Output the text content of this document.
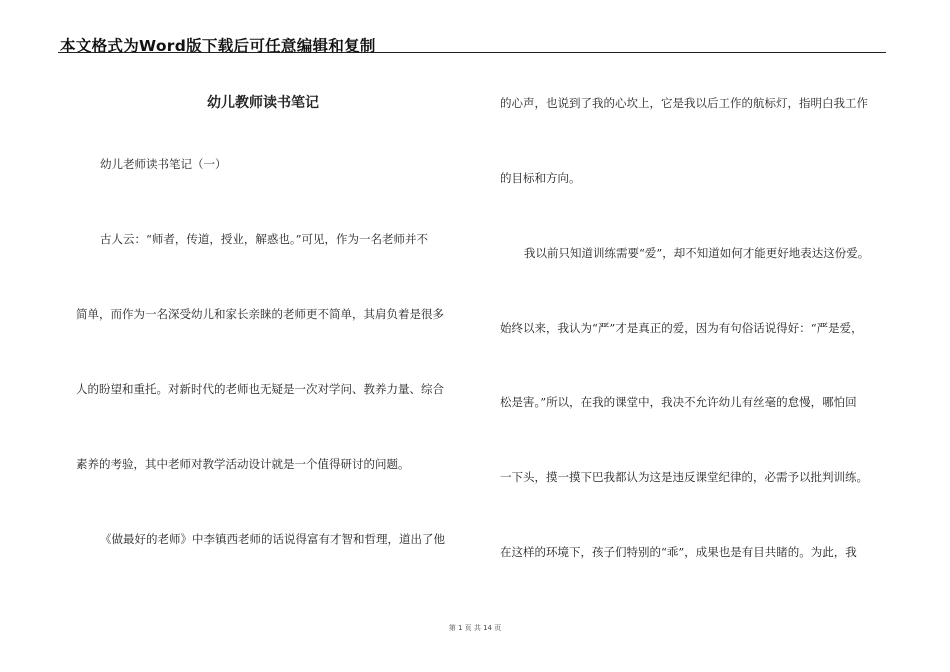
本文格式为Word版下载后可任意编辑和复制
幼儿教师读书笔记
幼儿老师读书笔记（一）
古人云：“师者，传道，授业，解惑也。”可见，作为一名老师并不
简单，而作为一名深受幼儿和家长亲睐的老师更不简单，其肩负着是很多
人的盼望和重托。对新时代的老师也无疑是一次对学问、教养力量、综合
素养的考验，其中老师对教学活动设计就是一个值得研讨的问题。
《做最好的老师》中李镇西老师的话说得富有才智和哲理，道出了他
的心声，也说到了我的心坎上，它是我以后工作的航标灯，指明白我工作
的目标和方向。
我以前只知道训练需要“爱”，却不知道如何才能更好地表达这份爱。
始终以来，我认为“严”才是真正的爱，因为有句俗话说得好：“严是爱，
松是害。”所以，在我的课堂中，我决不允许幼儿有丝毫的怠慢，哪怕回
一下头，摸一摸下巴我都认为这是违反课堂纪律的，必需予以批判训练。
在这样的环境下，孩子们特别的“乖”，成果也是有目共睹的。为此，我
第 1 页 共 14 页
